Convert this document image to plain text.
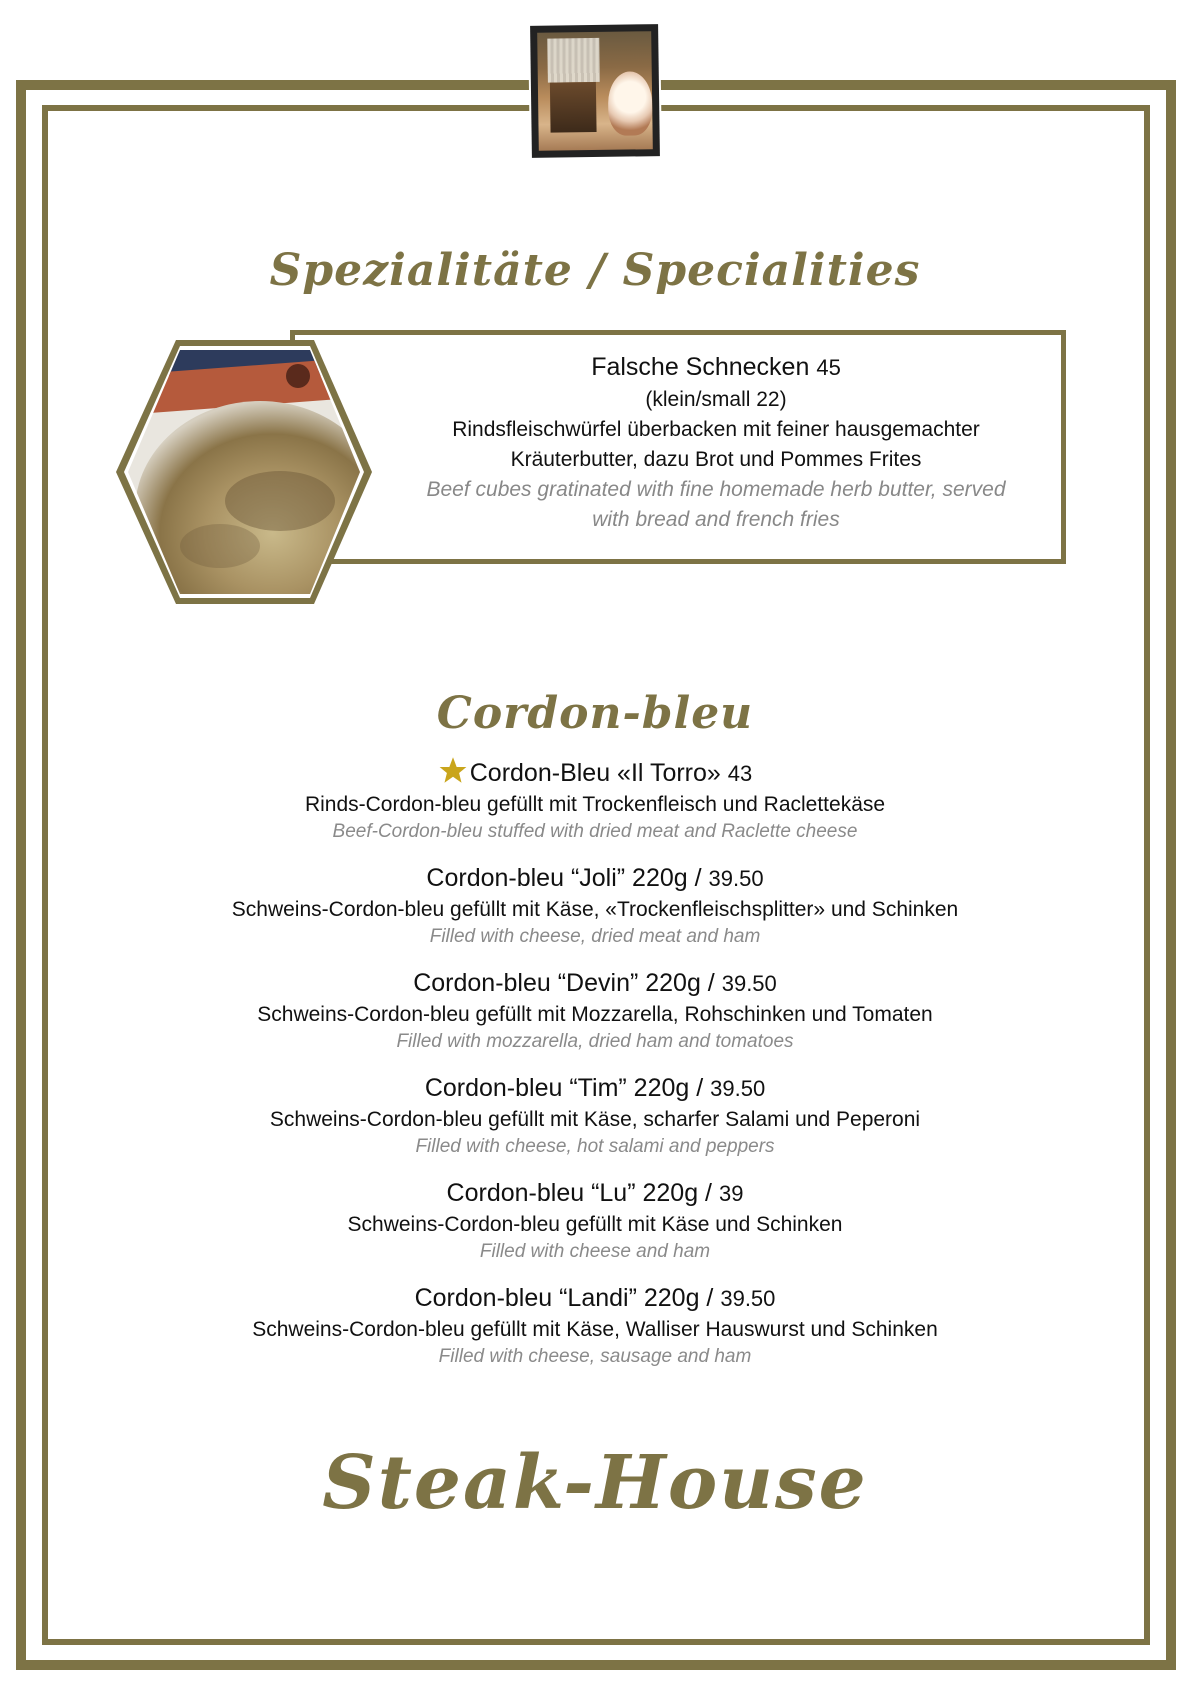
Spezialitäte / Specialities
Falsche Schnecken 45
(klein/small 22)
Rindsfleischwürfel überbacken mit feiner hausgemachter
Kräuterbutter, dazu Brot und Pommes Frites
Beef cubes gratinated with fine homemade herb butter, served
with bread and french fries
Cordon-bleu
Cordon-Bleu «Il Torro» 43
Rinds-Cordon-bleu gefüllt mit Trockenfleisch und Raclettekäse
Beef-Cordon-bleu stuffed with dried meat and Raclette cheese
Cordon-bleu “Joli” 220g / 39.50
Schweins-Cordon-bleu gefüllt mit Käse, «Trockenfleischsplitter» und Schinken
Filled with cheese, dried meat and ham
Cordon-bleu “Devin” 220g / 39.50
Schweins-Cordon-bleu gefüllt mit Mozzarella, Rohschinken und Tomaten
Filled with mozzarella, dried ham and tomatoes
Cordon-bleu “Tim” 220g / 39.50
Schweins-Cordon-bleu gefüllt mit Käse, scharfer Salami und Peperoni
Filled with cheese, hot salami and peppers
Cordon-bleu “Lu” 220g / 39
Schweins-Cordon-bleu gefüllt mit Käse und Schinken
Filled with cheese and ham
Cordon-bleu “Landi” 220g / 39.50
Schweins-Cordon-bleu gefüllt mit Käse, Walliser Hauswurst und Schinken
Filled with cheese, sausage and ham
Steak-House
